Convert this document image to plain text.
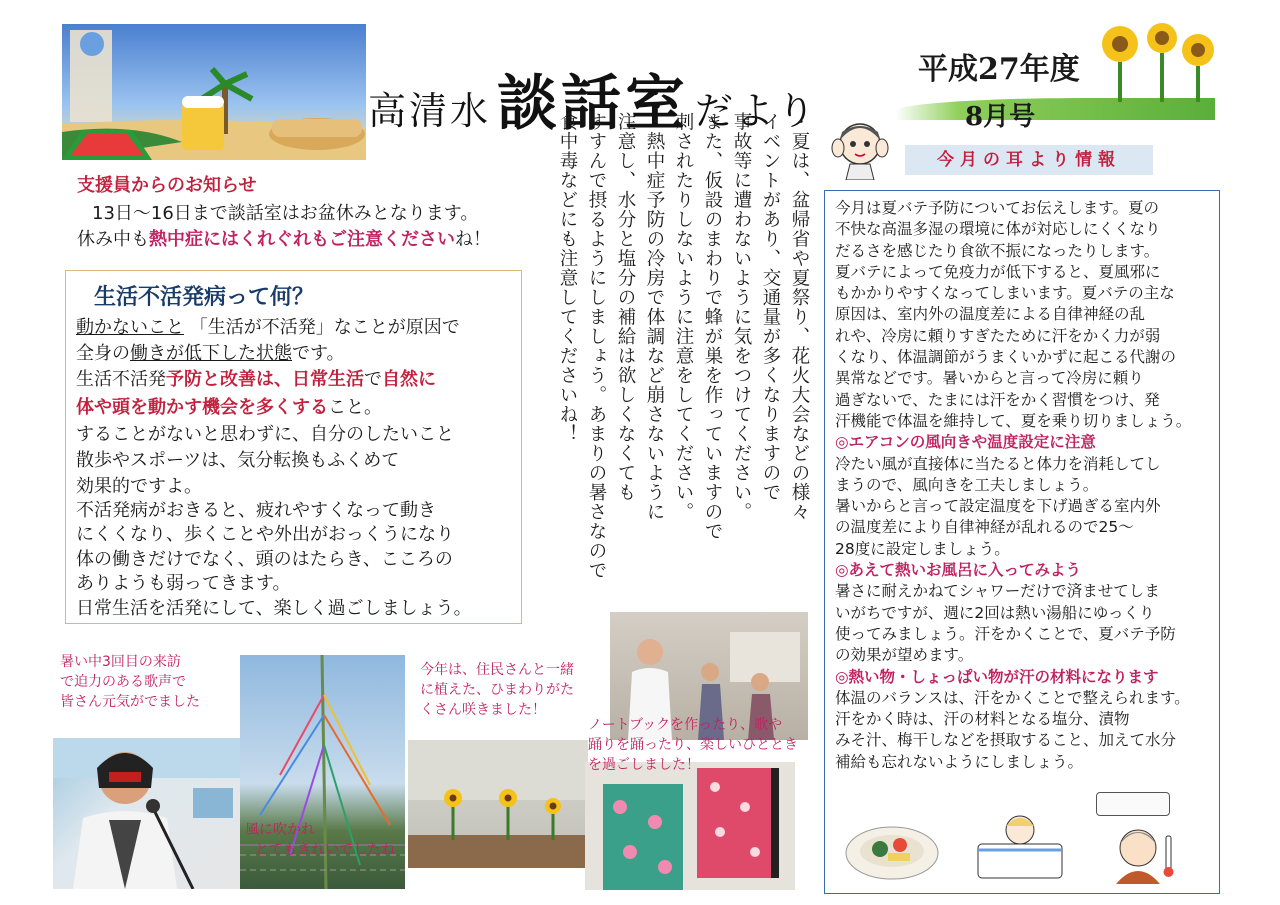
高清水 談話室 だより
平成27年度
8月号
今月の耳より情報
支援員からのお知らせ
13日～16日まで談話室はお盆休みとなります。
休み中も熱中症にはくれぐれもご注意くださいね！
生活不活発病って何？
動かないこと 「生活が不活発」なことが原因で
全身の働きが低下した状態です。
生活不活発予防と改善は、日常生活で自然に
体や頭を動かす機会を多くすること。
することがないと思わずに、自分のしたいこと
散歩やスポーツは、気分転換もふくめて
効果的ですよ。
不活発病がおきると、疲れやすくなって動き
にくくなり、歩くことや外出がおっくうになり
体の働きだけでなく、頭のはたらき、こころの
ありようも弱ってきます。
日常生活を活発にして、楽しく過ごしましょう。
・夏は、盆帰省や夏祭り、花火大会などの様々
イベントがあり、交通量が多くなりますので
事故等に遭わないように気をつけてください。
また、仮設のまわりで蜂が巣を作っていますので
刺されたりしないように注意をしてください。
・熱中症予防の冷房で体調など崩さないように
注意し、水分と塩分の補給は欲しくなくても
すすんで摂るようにしましょう。あまりの暑さなので
食中毒などにも注意してくださいね！	今月は夏バテ予防についてお伝えします。夏の
不快な高温多湿の環境に体が対応しにくくなり
だるさを感じたり食欲不振になったりします。
夏バテによって免疫力が低下すると、夏風邪に
もかかりやすくなってしまいます。夏バテの主な
原因は、室内外の温度差による自律神経の乱
れや、冷房に頼りすぎたために汗をかく力が弱
くなり、体温調節がうまくいかずに起こる代謝の
異常などです。暑いからと言って冷房に頼り
過ぎないで、たまには汗をかく習慣をつけ、発
汗機能で体温を維持して、夏を乗り切りましょう。
◎エアコンの風向きや温度設定に注意
冷たい風が直接体に当たると体力を消耗してし
まうので、風向きを工夫しましょう。
暑いからと言って設定温度を下げ過ぎる室内外
の温度差により自律神経が乱れるので25～
28度に設定しましょう。
◎あえて熱いお風呂に入ってみよう
暑さに耐えかねてシャワーだけで済ませてしま
いがちですが、週に2回は熱い湯船にゆっくり
使ってみましょう。汗をかくことで、夏バテ予防
の効果が望めます。
◎熱い物・しょっぱい物が汗の材料になります
体温のバランスは、汗をかくことで整えられます。
汗をかく時は、汗の材料となる塩分、漬物
みそ汁、梅干しなどを摂取すること、加えて水分
補給も忘れないようにしましょう。
暑い中3回目の来訪
で迫力のある歌声で
皆さん元気がでました
風に吹かれ
とてもきれいでしたね
今年は、住民さんと一緒
に植えた、ひまわりがた
くさん咲きました！
ノートブックを作ったり、歌や
踊りを踊ったり、楽しいひととき
を過ごしました！
